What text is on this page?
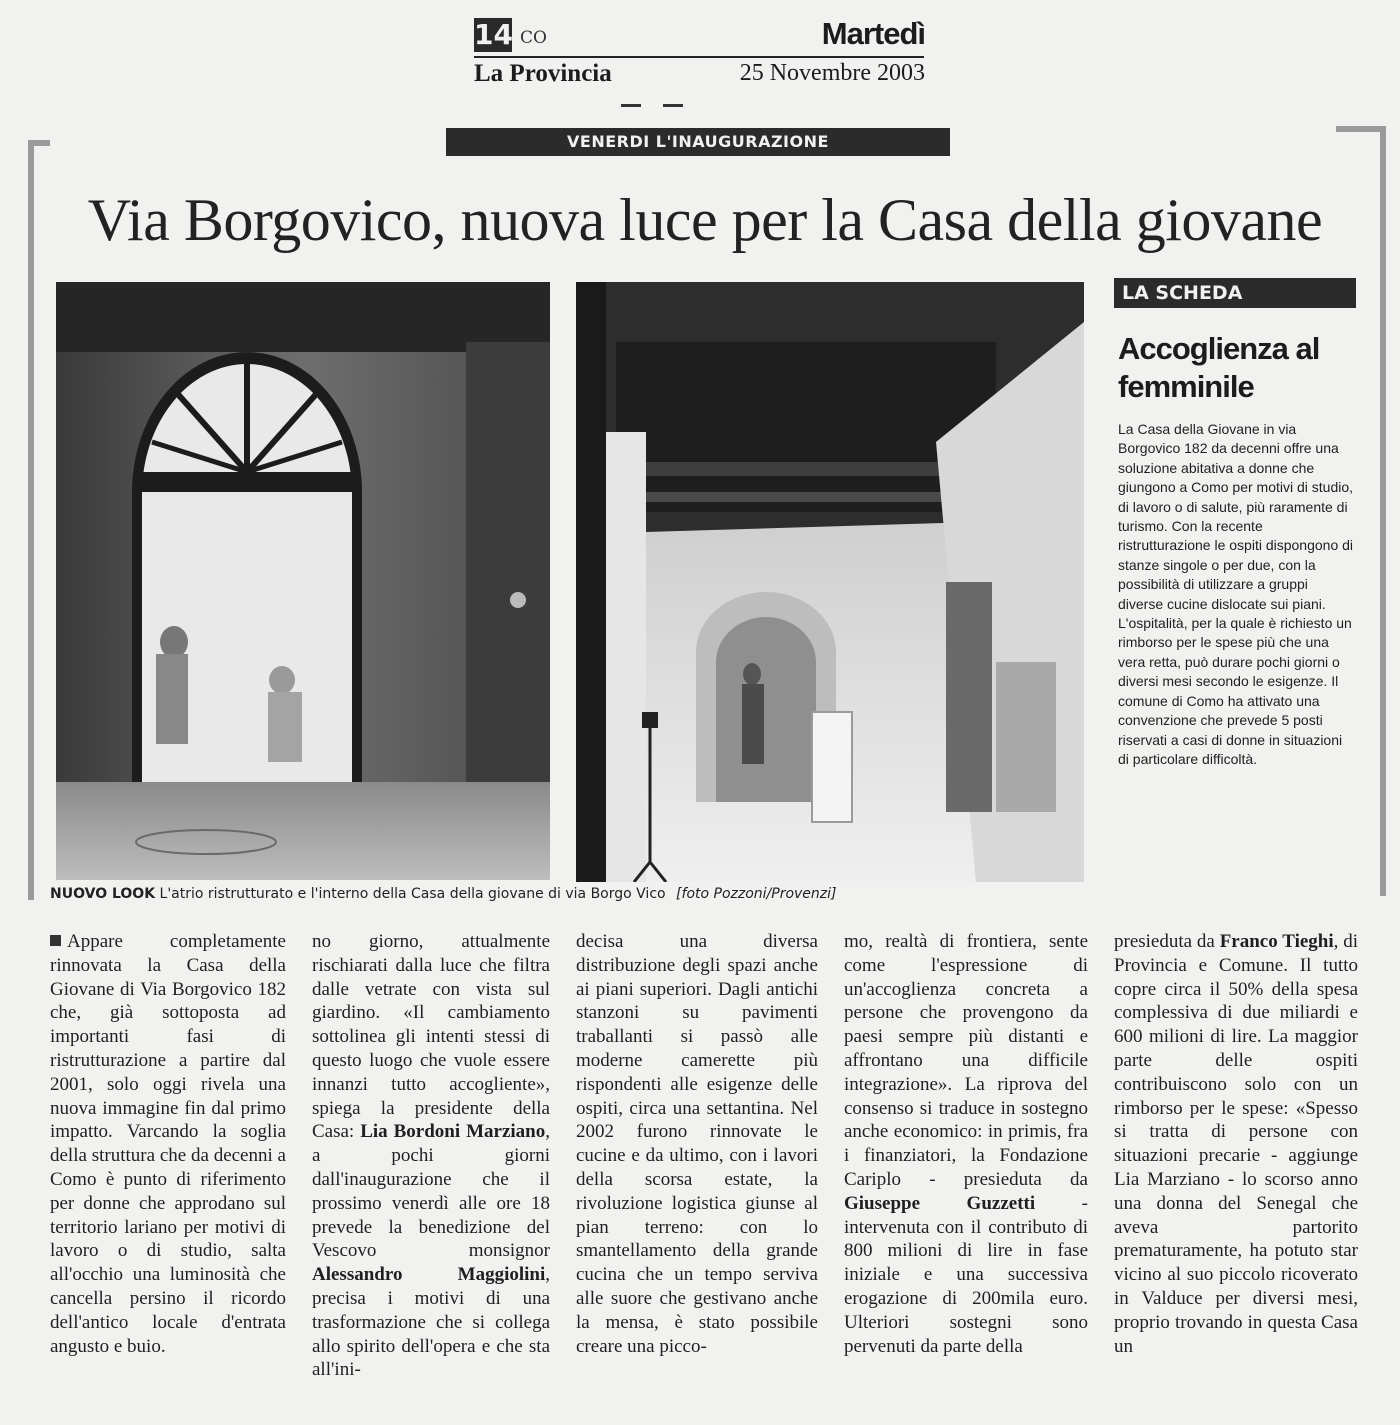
14 CO
La Provincia
Martedì
25 Novembre 2003
VENERDI L'INAUGURAZIONE
Via Borgovico, nuova luce per la Casa della giovane
NUOVO LOOK L'atrio ristrutturato e l'interno della Casa della giovane di via Borgo Vico [foto Pozzoni/Provenzi]
LA SCHEDA
Accoglienza al femminile
La Casa della Giovane in via Borgovico 182 da decenni offre una soluzione abitativa a donne che giungono a Como per motivi di studio, di lavoro o di salute, più raramente di turismo. Con la recente ristrutturazione le ospiti dispongono di stanze singole o per due, con la possibilità di utilizzare a gruppi diverse cucine dislocate sui piani. L'ospitalità, per la quale è richiesto un rimborso per le spese più che una vera retta, può durare pochi giorni o diversi mesi secondo le esigenze. Il comune di Como ha attivato una convenzione che prevede 5 posti riservati a casi di donne in situazioni di particolare difficoltà.
Appare completamente rinnovata la Casa della Giovane di Via Borgovico 182 che, già sottoposta ad importanti fasi di ristrutturazione a partire dal 2001, solo oggi rivela una nuova immagine fin dal primo impatto. Varcando la soglia della struttura che da decenni a Como è punto di riferimento per donne che approdano sul territorio lariano per motivi di lavoro o di studio, salta all'occhio una luminosità che cancella persino il ricordo dell'antico locale d'entrata angusto e buio.
no giorno, attualmente rischiarati dalla luce che filtra dalle vetrate con vista sul giardino. «Il cambiamento sottolinea gli intenti stessi di questo luogo che vuole essere innanzi tutto accogliente», spiega la presidente della Casa: Lia Bordoni Marziano, a pochi giorni dall'inaugurazione che il prossimo venerdì alle ore 18 prevede la benedizione del Vescovo monsignor Alessandro Maggiolini, precisa i motivi di una trasformazione che si collega allo spirito dell'opera e che sta all'ini-
decisa una diversa distribuzione degli spazi anche ai piani superiori. Dagli antichi stanzoni su pavimenti traballanti si passò alle moderne camerette più rispondenti alle esigenze delle ospiti, circa una settantina. Nel 2002 furono rinnovate le cucine e da ultimo, con i lavori della scorsa estate, la rivoluzione logistica giunse al pian terreno: con lo smantellamento della grande cucina che un tempo serviva alle suore che gestivano anche la mensa, è stato possibile creare una picco-
mo, realtà di frontiera, sente come l'espressione di un'accoglienza concreta a persone che provengono da paesi sempre più distanti e affrontano una difficile integrazione». La riprova del consenso si traduce in sostegno anche economico: in primis, fra i finanziatori, la Fondazione Cariplo - presieduta da Giuseppe Guzzetti - intervenuta con il contributo di 800 milioni di lire in fase iniziale e una successiva erogazione di 200mila euro. Ulteriori sostegni sono pervenuti da parte della
presieduta da Franco Tieghi, di Provincia e Comune. Il tutto copre circa il 50% della spesa complessiva di due miliardi e 600 milioni di lire. La maggior parte delle ospiti contribuiscono solo con un rimborso per le spese: «Spesso si tratta di persone con situazioni precarie - aggiunge Lia Marziano - lo scorso anno una donna del Senegal che aveva partorito prematuramente, ha potuto star vicino al suo piccolo ricoverato in Valduce per diversi mesi, proprio trovando in questa Casa un
